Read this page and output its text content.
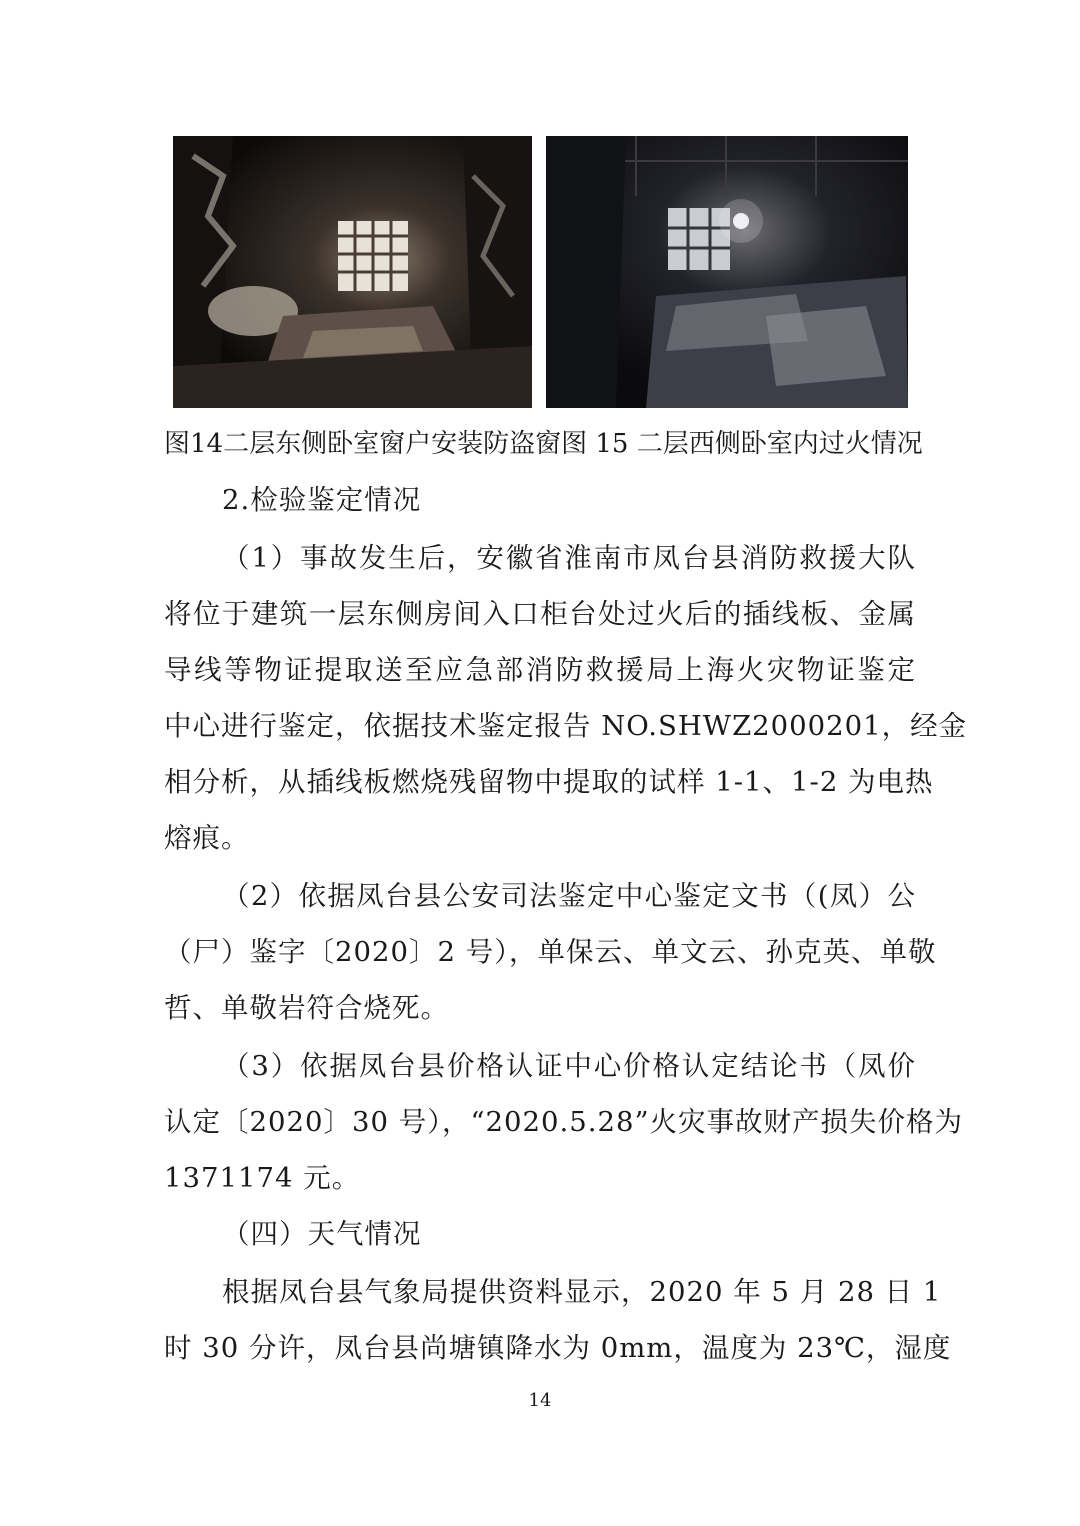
图14二层东侧卧室窗户安装防盗窗图 15 二层西侧卧室内过火情况
2.检验鉴定情况
（1）事故发生后，安徽省淮南市凤台县消防救援大队
将位于建筑一层东侧房间入口柜台处过火后的插线板、金属
导线等物证提取送至应急部消防救援局上海火灾物证鉴定
中心进行鉴定，依据技术鉴定报告 NO.SHWZ2000201，经金
相分析，从插线板燃烧残留物中提取的试样 1-1、1-2 为电热
熔痕。
（2）依据凤台县公安司法鉴定中心鉴定文书（(凤）公
（尸）鉴字〔2020〕2 号），单保云、单文云、孙克英、单敬
哲、单敬岩符合烧死。
（3）依据凤台县价格认证中心价格认定结论书（凤价
认定〔2020〕30 号），“2020.5.28”火灾事故财产损失价格为
1371174 元。
（四）天气情况
根据凤台县气象局提供资料显示，2020 年 5 月 28 日 1
时 30 分许，凤台县尚塘镇降水为 0mm，温度为 23℃，湿度
14
